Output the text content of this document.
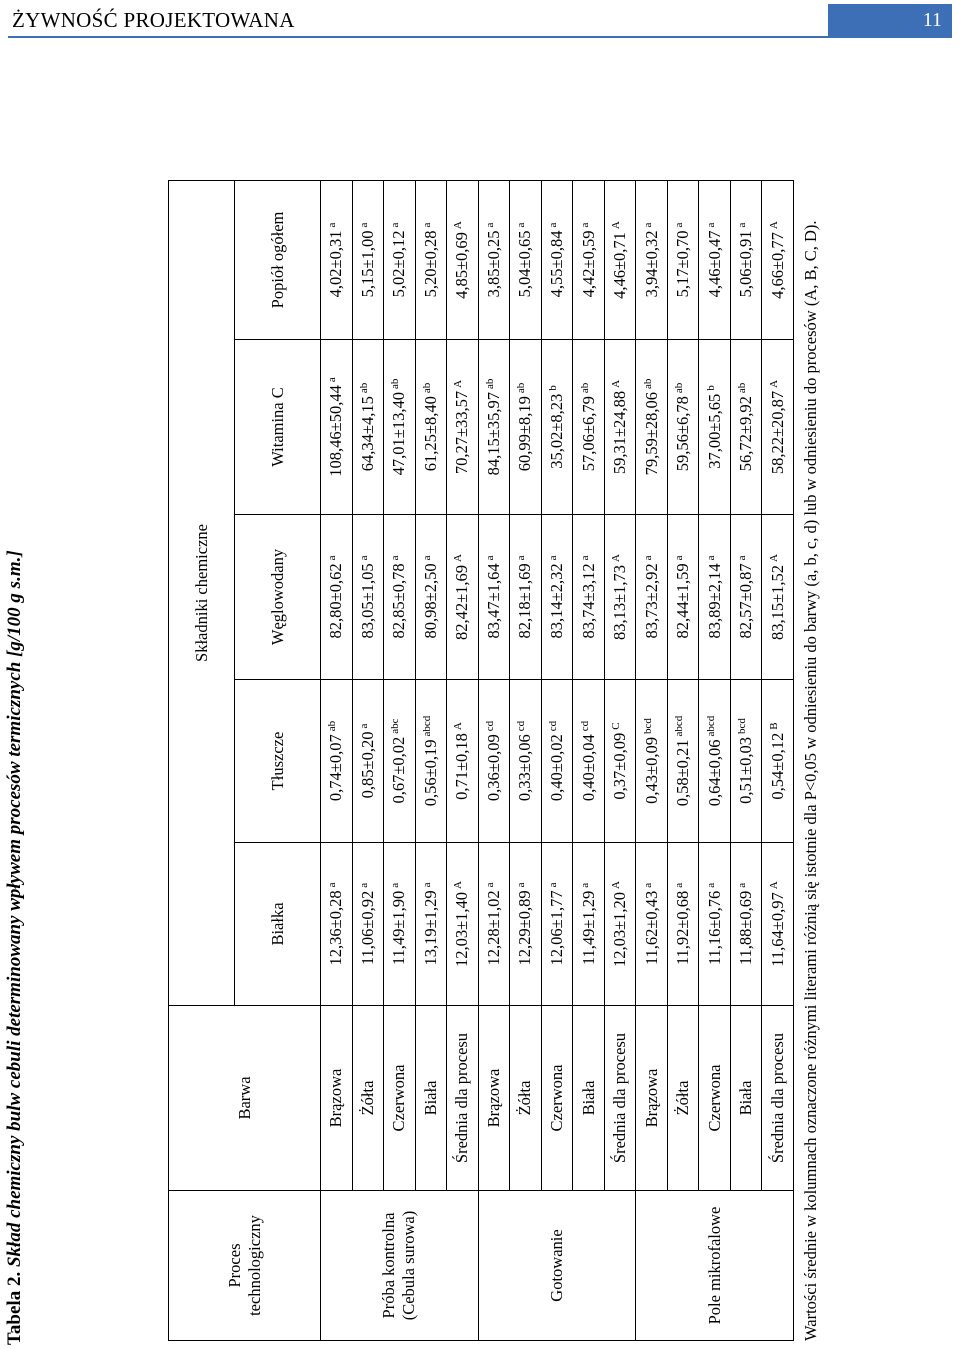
ŻYWNOŚĆ PROJEKTOWANA	11
Tabela 2. Skład chemiczny bulw cebuli determinowany wpływem procesów termicznych [g/100 g s.m.]	Proces technologiczny	Barwa	Składniki chemiczne				
		Białka	Tłuszcze	Węglowodany	Witamina C	Popiół ogółem
Próba kontrolna (Cebula surowa)	Brązowa	12,36±0,28$^a$	0,74±0,07$^{ab}$	82,80±0,62$^a$	108,46±50,44$^a$	4,02±0,31$^a$
	Żółta	11,06±0,92$^a$	0,85±0,20$^a$	83,05±1,05$^a$	64,34±4,15$^{ab}$	5,15±1,00$^a$
	Czerwona	11,49±1,90$^a$	0,67±0,02$^{abc}$	82,85±0,78$^a$	47,01±13,40$^{ab}$	5,02±0,12$^a$
	Biała	13,19±1,29$^a$	$0,56\pm 0,19^{abcd}$	80,98±2,50$^a$	61,25±8,40$^{ab}$	5,20±0,28$^a$
	Średnia dla procesu	$12,03\pm 1,40^A$	$0,71\pm 0,18^A$	$82,42\pm 1,69^A$	$70,27\pm 33,57^A$	$4,85\pm 0,69^A$
Gotowanie	Brązowa	12,28±1,02$^a$	0,36±0,09$^{cd}$	83,47±1,64$^a$	84,15±35,97$^{ab}$	3,85±0,25$^a$
	Żółta	12,29±0,89$^a$	0,33±0,06$^{cd}$	82,18±1,69$^a$	60,99±8,19$^{ab}$	5,04±0,65$^a$
	Czerwona	12,06±1,77$^a$	0,40±0,02$^{cd}$	83,14±2,32$^a$	35,02±8,23$^b$	4,55±0,84$^a$
	Biała	11,49±1,29$^a$	0,40±0,04$^{cd}$	83,74±3,12$^a$	57,06±6,79$^{ab}$	4,42±0,59$^a$
	Średnia dla procesu	$12,03\pm 1,20^A$	$0,37\pm 0,09^C$	$83,13\pm 1,73^A$	$59,31\pm 24,88^A$	$4,46\pm 0,71^A$
Pole mikrofalowe	Brązowa	11,62±0,43$^a$	0,43±0,09$^{bcd}$	83,73±2,92$^a$	79,59±28,06$^{ab}$	3,94±0,32$^a$
	Żółta	11,92±0,68$^a$	$0,58\pm 0,21^{abcd}$	82,44±1,59$^a$	59,56±6,78$^{ab}$	5,17±0,70$^a$
	Czerwona	11,16±0,76$^a$	$0,64\pm 0,06^{abcd}$	83,89±2,14$^a$	37,00±5,65$^b$	4,46±0,47$^a$
	Biała	11,88±0,69$^a$	0,51±0,03$^{bcd}$	82,57±0,87$^a$	56,72±9,92$^{ab}$	5,06±0,91$^a$
	Średnia dla procesu	$11,64\pm 0,97^A$	$0,54\pm 0,12^B$	$83,15\pm 1,52^A$	$58,22\pm 20,87^A$	$4,66\pm 0,77^A$ Wartości średnie w kolumnach oznaczone różnymi literami różnią się istotnie dla P<0,05 w odniesieniu do barwy (a, b, c, d) lub w odniesieniu do procesów (A, B, C, D).
